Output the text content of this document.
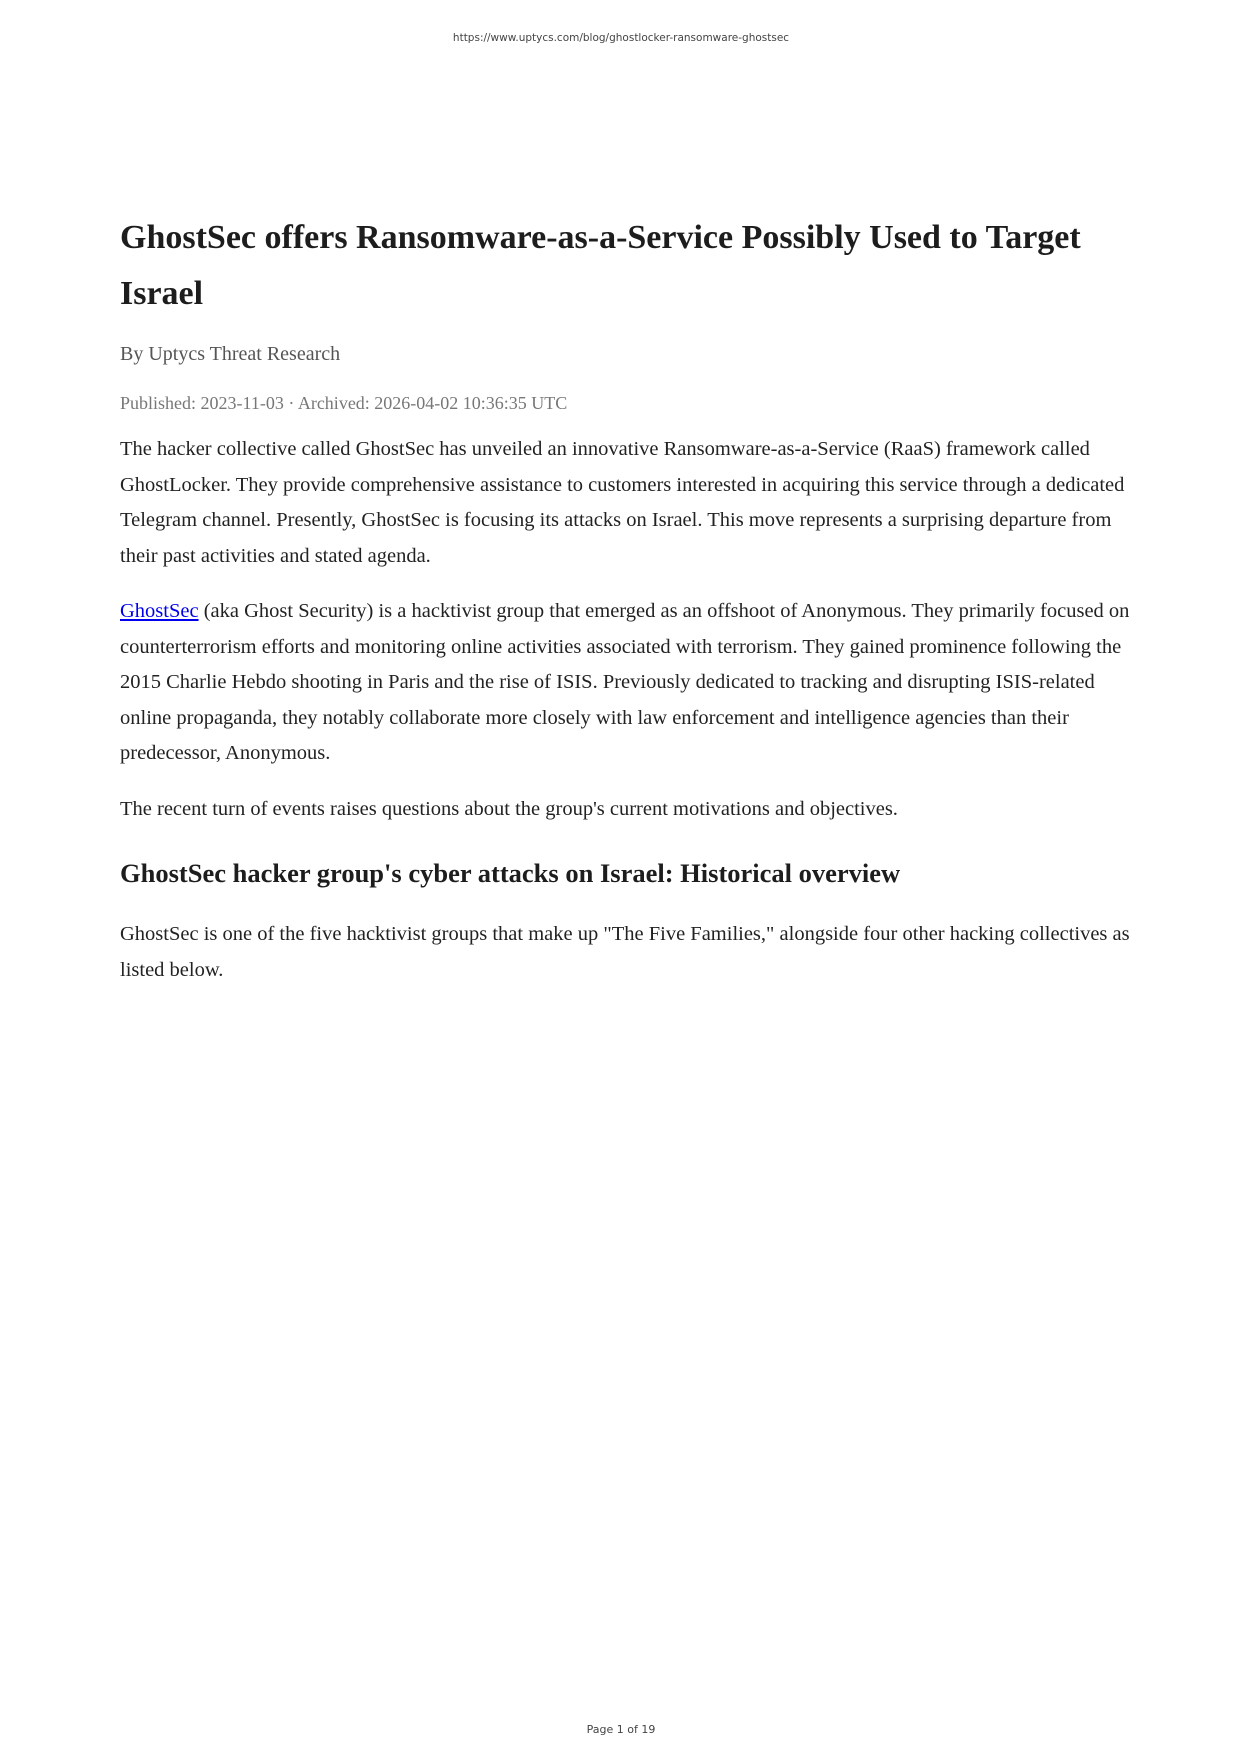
https://www.uptycs.com/blog/ghostlocker-ransomware-ghostsec
GhostSec offers Ransomware-as-a-Service Possibly Used to Target Israel
By Uptycs Threat Research
Published: 2023-11-03 · Archived: 2026-04-02 10:36:35 UTC

The hacker collective called GhostSec has unveiled an innovative Ransomware-as-a-Service (RaaS) framework called GhostLocker. They provide comprehensive assistance to customers interested in acquiring this service through a dedicated Telegram channel. Presently, GhostSec is focusing its attacks on Israel. This move represents a surprising departure from their past activities and stated agenda.

GhostSec (aka Ghost Security) is a hacktivist group that emerged as an offshoot of Anonymous. They primarily focused on counterterrorism efforts and monitoring online activities associated with terrorism. They gained prominence following the 2015 Charlie Hebdo shooting in Paris and the rise of ISIS. Previously dedicated to tracking and disrupting ISIS-related online propaganda, they notably collaborate more closely with law enforcement and intelligence agencies than their predecessor, Anonymous.

The recent turn of events raises questions about the group's current motivations and objectives.

GhostSec hacker group's cyber attacks on Israel: Historical overview

GhostSec is one of the five hacktivist groups that make up "The Five Families," alongside four other hacking collectives as listed below.

Page 1 of 19
